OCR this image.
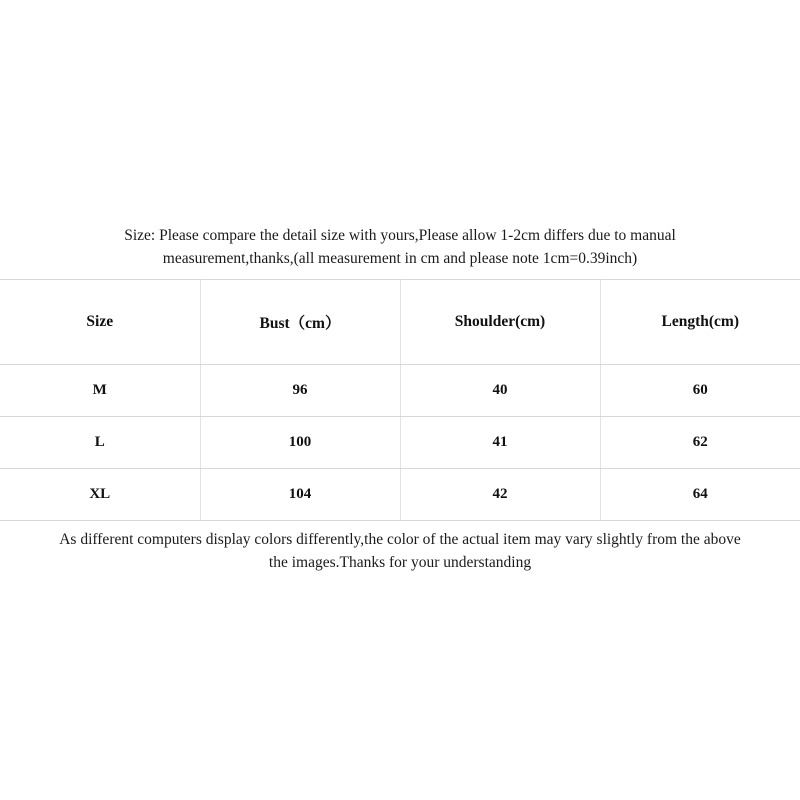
Size: Please compare the detail size with yours,Please allow 1-2cm differs due to manual
measurement,thanks,(all measurement in cm and please note 1cm=0.39inch)
Size	Bust（cm）	Shoulder(cm)	Length(cm)
M	96	40	60
L	100	41	62
XL	104	42	64
As different computers display colors differently,the color of the actual item may vary slightly from the above
the images.Thanks for your understanding
